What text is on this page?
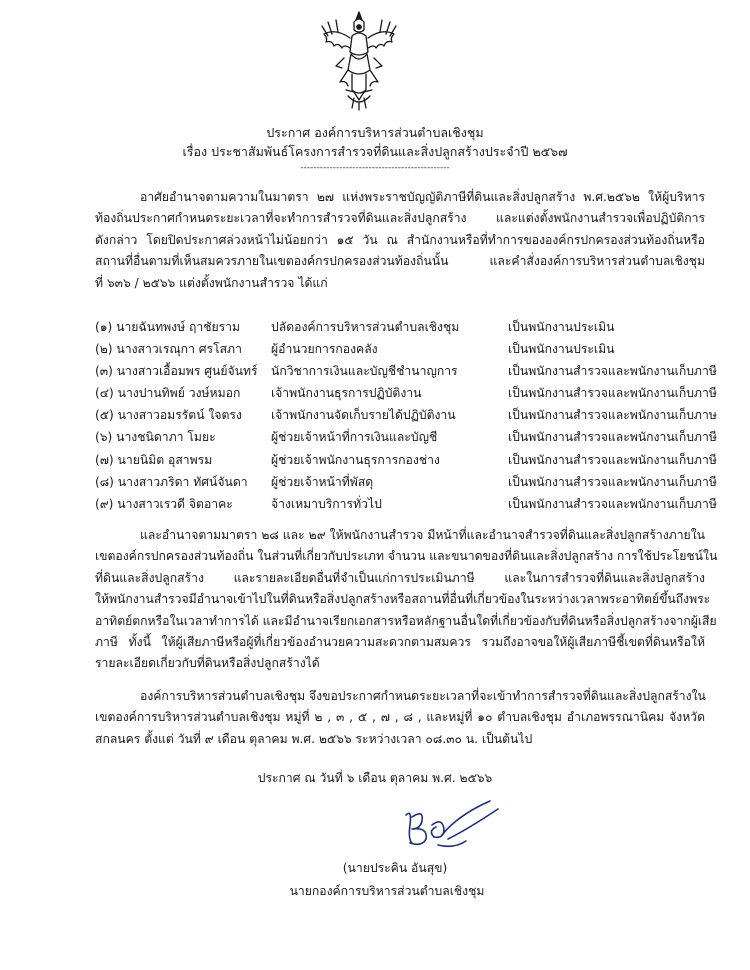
ประกาศ องค์การบริหารส่วนตำบลเชิงชุม
เรื่อง ประชาสัมพันธ์โครงการสำรวจที่ดินและสิ่งปลูกสร้างประจำปี ๒๕๖๗
----------------------------------------------

อาศัยอำนาจตามความในมาตรา ๒๗ แห่งพระราชบัญญัติภาษีที่ดินและสิ่งปลูกสร้าง พ.ศ.๒๕๖๒ ให้ผู้บริหาร
ท้องถิ่นประกาศกำหนดระยะเวลาที่จะทำการสำรวจที่ดินและสิ่งปลูกสร้าง และแต่งตั้งพนักงานสำรวจเพื่อปฏิบัติการ
ดังกล่าว โดยปิดประกาศล่วงหน้าไม่น้อยกว่า ๑๕ วัน ณ สำนักงานหรือที่ทำการขององค์กรปกครองส่วนท้องถิ่นหรือ
สถานที่อื่นตามที่เห็นสมควรภายในเขตองค์กรปกครองส่วนท้องถิ่นนั้น และคำสั่งองค์การบริหารส่วนตำบลเชิงชุม
ที่ ๖๓๖ / ๒๕๖๖ แต่งตั้งพนักงานสำรวจ ได้แก่

(๑) นายฉันทพงษ์ ฤาชัยราม	ปลัดองค์การบริหารส่วนตำบลเชิงชุม	เป็นพนักงานประเมิน
(๒) นางสาวเรณุกา ศรโสภา ผู้อำนวยการกองคลัง	เป็นพนักงานประเมิน
(๓) นางสาวเอื้อมพร ศูนย์จันทร์ นักวิชาการเงินและบัญชีชำนาญการ	เป็นพนักงานสำรวจและพนักงานเก็บภาษี
(๔) นางปานทิพย์ วงษ์หมอก	เจ้าพนักงานธุรการปฏิบัติงาน	เป็นพนักงานสำรวจและพนักงานเก็บภาษี
(๕) นางสาวอมรรัตน์ ใจตรง เจ้าพนักงานจัดเก็บรายได้ปฏิบัติงาน	เป็นพนักงานสำรวจและพนักงานเก็บภาษ
(๖) นางชนิดาภา โมยะ	ผู้ช่วยเจ้าหน้าที่การเงินและบัญชี	เป็นพนักงานสำรวจและพนักงานเก็บภาษี
(๗) นายนิมิต อุสาพรม	ผู้ช่วยเจ้าพนักงานธุรการกองช่าง	เป็นพนักงานสำรวจและพนักงานเก็บภาษี
(๘) นางสาวภริดา ทัศน์จันดา ผู้ช่วยเจ้าหน้าที่พัสดุ	เป็นพนักงานสำรวจและพนักงานเก็บภาษี
(๙) นางสาวเรวดี จิตอาคะ	จ้างเหมาบริการทั่วไป	เป็นพนักงานสำรวจและพนักงานเก็บภาษี

และอำนาจตามมาตรา ๒๘ และ ๒๙ ให้พนักงานสำรวจ มีหน้าที่และอำนาจสำรวจที่ดินและสิ่งปลูกสร้างภายใน
เขตองค์กรปกครองส่วนท้องถิ่น ในส่วนที่เกี่ยวกับประเภท จำนวน และขนาดของที่ดินและสิ่งปลูกสร้าง การใช้ประโยชน์ใน
ที่ดินและสิ่งปลูกสร้าง และรายละเอียดอื่นที่จำเป็นแก่การประเมินภาษี และในการสำรวจที่ดินและสิ่งปลูกสร้าง
ให้พนักงานสำรวจมีอำนาจเข้าไปในที่ดินหรือสิ่งปลูกสร้างหรือสถานที่อื่นที่เกี่ยวข้องในระหว่างเวลาพระอาทิตย์ขึ้นถึงพระ
อาทิตย์ตกหรือในเวลาทำการได้ และมีอำนาจเรียกเอกสารหรือหลักฐานอื่นใดที่เกี่ยวข้องกับที่ดินหรือสิ่งปลูกสร้างจากผู้เสีย
ภาษี ทั้งนี้ ให้ผู้เสียภาษีหรือผู้ที่เกี่ยวข้องอำนวยความสะดวกตามสมควร รวมถึงอาจขอให้ผู้เสียภาษีชี้เขตที่ดินหรือให้
รายละเอียดเกี่ยวกับที่ดินหรือสิ่งปลูกสร้างได้

องค์การบริหารส่วนตำบลเชิงชุม จึงขอประกาศกำหนดระยะเวลาที่จะเข้าทำการสำรวจที่ดินและสิ่งปลูกสร้างใน
เขตองค์การบริหารส่วนตำบลเชิงชุม หมู่ที่ ๒ , ๓ , ๕ , ๗ , ๘ , และหมู่ที่ ๑๐ ตำบลเชิงชุม อำเภอพรรณานิคม จังหวัด
สกลนคร ตั้งแต่ วันที่ ๙ เดือน ตุลาคม พ.ศ. ๒๕๖๖ ระหว่างเวลา ๐๘.๓๐ น. เป็นต้นไป

ประกาศ ณ วันที่ ๖ เดือน ตุลาคม พ.ศ. ๒๕๖๖
(นายประคิน อันสุข)
นายกองค์การบริหารส่วนตำบลเชิงชุม
